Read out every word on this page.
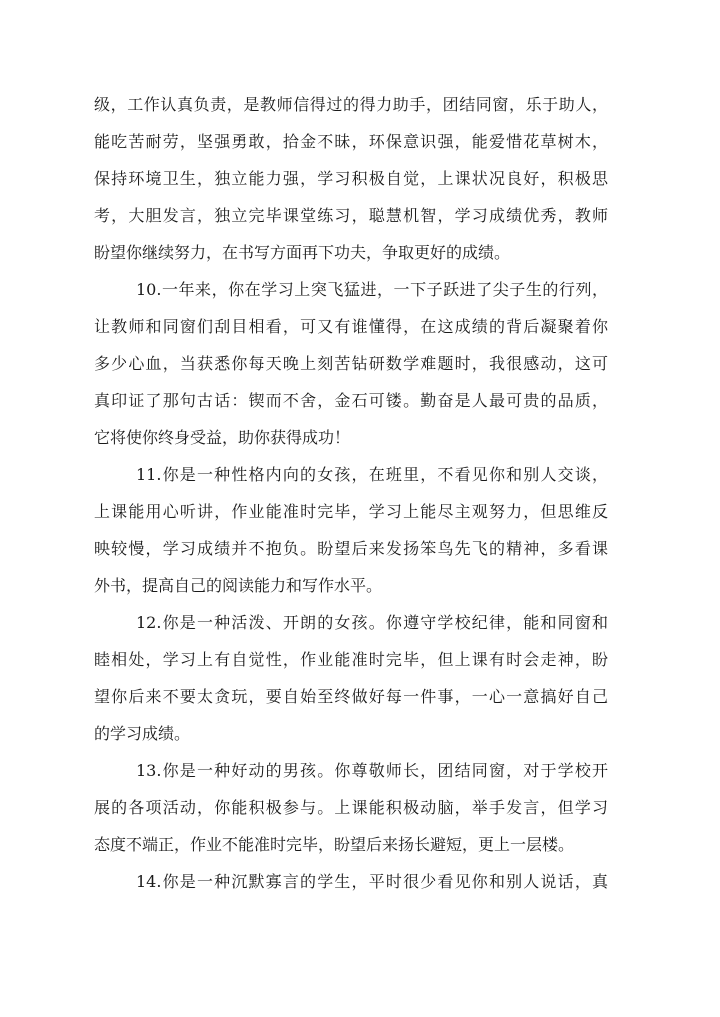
级，工作认真负责，是教师信得过的得力助手，团结同窗，乐于助人，
能吃苦耐劳，坚强勇敢，拾金不昧，环保意识强，能爱惜花草树木，
保持环境卫生，独立能力强，学习积极自觉，上课状况良好，积极思
考，大胆发言，独立完毕课堂练习，聪慧机智，学习成绩优秀，教师
盼望你继续努力，在书写方面再下功夫，争取更好的成绩。

10.一年来，你在学习上突飞猛进，一下子跃进了尖子生的行列，
让教师和同窗们刮目相看，可又有谁懂得，在这成绩的背后凝聚着你
多少心血，当获悉你每天晚上刻苦钻研数学难题时，我很感动，这可
真印证了那句古话：锲而不舍，金石可镂。勤奋是人最可贵的品质，
它将使你终身受益，助你获得成功！

11.你是一种性格内向的女孩，在班里，不看见你和别人交谈，
上课能用心听讲，作业能准时完毕，学习上能尽主观努力，但思维反
映较慢，学习成绩并不抱负。盼望后来发扬笨鸟先飞的精神，多看课
外书，提高自己的阅读能力和写作水平。

12.你是一种活泼、开朗的女孩。你遵守学校纪律，能和同窗和
睦相处，学习上有自觉性，作业能准时完毕，但上课有时会走神，盼
望你后来不要太贪玩，要自始至终做好每一件事，一心一意搞好自己
的学习成绩。

13.你是一种好动的男孩。你尊敬师长，团结同窗，对于学校开
展的各项活动，你能积极参与。上课能积极动脑，举手发言，但学习
态度不端正，作业不能准时完毕，盼望后来扬长避短，更上一层楼。

14.你是一种沉默寡言的学生，平时很少看见你和别人说话，真
